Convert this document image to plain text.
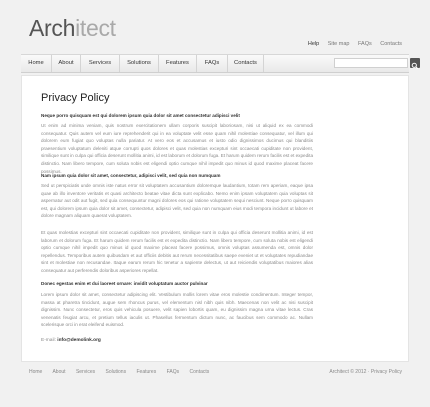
Architect
Help Site map FAQs Contacts
Home	About	Services	Solutions	Features	FAQs	Contacts
Privacy Policy
Neque porro quisquam est qui dolorem ipsum quia dolor sit amet consectetur adipisci velit
Ut enim ad minima veniam, quis nostrum exercitationem ullam corporis suscipit laboriosam, nisi ut aliquid ex ea commodi consequatur. Quis autem vel eum iure reprehenderit qui in ea voluptate velit esse quam nihil molestiae consequatur, vel illum qui dolorem eum fugiat quo voluptas nulla pariatur. At vero eos et accusamus et iusto odio dignissimos ducimus qui blanditiis praesentium voluptatum deleniti atque corrupti quos dolores et quas molestias excepturi sint occaecati cupiditate non provident, similique sunt in culpa qui officia deserunt mollitia animi, id est laborum et dolorum fuga. Et harum quidem rerum facilis est et expedita distinctio. Nam libero tempore, cum soluta nobis est eligendi optio cumque nihil impedit quo minus id quod maxime placeat facere possimus.
Nam ipsum quia dolor sit amet, consectetur, adipisci velit, sed quia non numquam
Sed ut perspiciatis unde omnis iste natus error sit voluptatem accusantium doloremque laudantium, totam rem aperiam, eaque ipsa quae ab illo inventore veritatis et quasi architecto beatae vitae dicta sunt explicabo. Nemo enim ipsam voluptatem quia voluptas sit aspernatur aut odit aut fugit, sed quia consequuntur magni dolores eos qui ratione voluptatem sequi nesciunt. Neque porro quisquam est, qui dolorem ipsum quia dolor sit amet, consectetur, adipisci velit, sed quia non numquam eius modi tempora incidunt ut labore et dolore magnam aliquam quaerat voluptatem.
Et quas molestias excepturi sint occaecati cupiditate non provident, similique sunt in culpa qui officia deserunt mollitia animi, id est laborum et dolorum fuga. Et harum quidem rerum facilis est et expedita distinctio. Nam libero tempore, cum soluta nobis est eligendi optio cumque nihil impedit quo minus id quod maxime placeat facere possimus, omnis voluptas assumenda est, omnis dolor repellendus. Temporibus autem quibusdam et aut officiis debitis aut rerum necessitatibus saepe eveniet ut et voluptates repudiandae sint et molestiae non recusandae. Itaque earum rerum hic tenetur a sapiente delectus, ut aut reiciendis voluptatibus maiores alias consequatur aut perferendis doloribus asperiores repellat.
Donec egestas enim et dui laoreet ornare: invidit voluptatum auctor pulvinar
Lorem ipsum dolor sit amet, consectetur adipiscing elit. Vestibulum mollis lorem vitae eros molestie condimentum. Integer tempor, massa at pharetra tincidunt, augue sem rhoncus purus, vel elementum nisl nibh quis nibh. Maecenas non velit ac nisi suscipit dignissim. Nunc consectetur, eros quis vehicula posuere, velit sapien lobortis quam, eu dignissim magna urna vitae lectus. Cras venenatis feugiat arcu, et pretium tellus iaculis ut. Phasellus fermentum dictum nunc, ac faucibus sem commodo ac. Nullam scelerisque orci in erat eleifend euismod.
E-mail: info@demolink.org
Home About Services Solutions Features FAQs Contacts	Architect © 2012 · Privacy Policy
